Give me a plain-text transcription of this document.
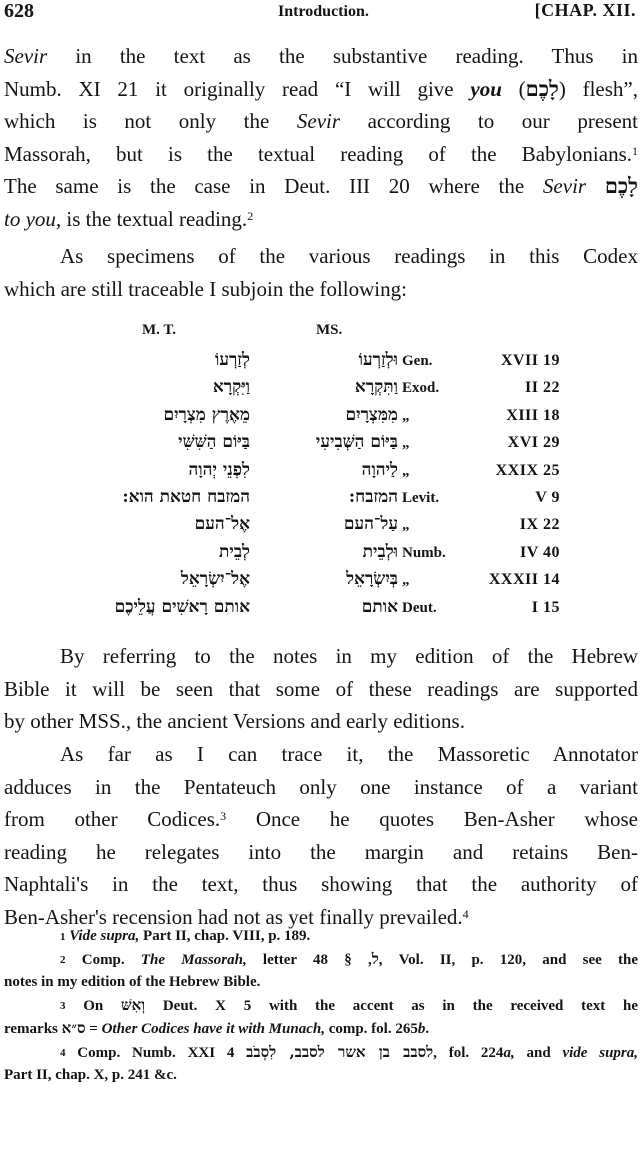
628	Introduction.	[CHAP. XII.
Sevir in the text as the substantive reading. Thus in
Numb. XI 21 it originally read “I will give you (לָכֶם) flesh”,
which is not only the Sevir according to our present
Massorah, but is the textual reading of the Babylonians.$^1$
The same is the case in Deut. III 20 where the Sevir לָכֶם
to you, is the textual reading.$^2$
As specimens of the various readings in this Codex
which are still traceable I subjoin the following:
M. T.	MS.
לְזַרְעוֹ	וּלְזַרְעוֹ Gen.	XVII 19
וַיִּקְרָא	וַתִּקְרָא Exod.	II 22
מֵאֶרֶץ מִצְרָיִם	מִמִּצְרָיִם „	XIII 18
בַּיּוֹם הַשִּׁשִּׁי	בַּיּוֹם הַשְּׁבִיעִי „	XVI 29
לִפְנֵי יְהוָה	לַיהוָה „	XXIX 25
המזבח חטאת הוא:	המזבח: Levit.	V 9
אֶל־העם	עַל־העם „	IX 22
לְבֵית	וּלְבֵית Numb.	IV 40
אֶל־יִשְׂרָאֵל	בְּיִשְׂרָאֵל „	XXXII 14
אותם רָאשִׁים עֲלֵיכֶם	אותם Deut.	I 15
By referring to the notes in my edition of the Hebrew
Bible it will be seen that some of these readings are supported
by other MSS., the ancient Versions and early editions.
As far as I can trace it, the Massoretic Annotator
adduces in the Pentateuch only one instance of a variant
from other Codices.$^3$ Once he quotes Ben-Asher whose
reading he relegates into the margin and retains Ben-
Naphtali's in the text, thus showing that the authority of
Ben-Asher's recension had not as yet finally prevailed.$^4$
$^1$ Vide supra, Part II, chap. VIII, p. 189.
$^2$ Comp. The Massorah, letter	ל, § 48, Vol. II, p. 120, and see the
notes in my edition of the Hebrew Bible.
$^3$ On וְאִשּׁ Deut. X 5 with the accent as in the received text he
remarks ס״א = Other Codices have it with Munach, comp. fol. 265b.
$^4$ Comp. Numb. XXI 4 לסבב בן אשר לסבב, לִסְבֹב, fol. 224a, and vide supra,
Part II, chap. X, p. 241 &c.
